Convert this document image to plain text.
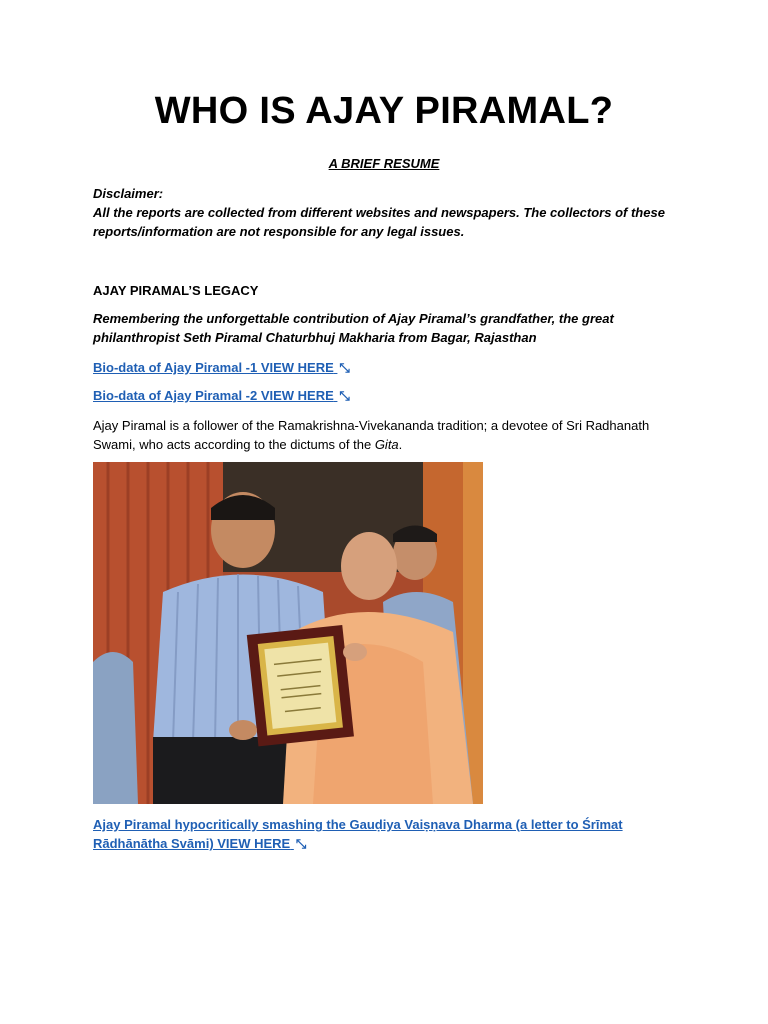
WHO IS AJAY PIRAMAL?
A BRIEF RESUME
Disclaimer:
All the reports are collected from different websites and newspapers. The collectors of these reports/information are not responsible for any legal issues.
AJAY PIRAMAL’S LEGACY
Remembering the unforgettable contribution of Ajay Piramal’s grandfather, the great philanthropist Seth Piramal Chaturbhuj Makharia from Bagar, Rajasthan
Bio-data of Ajay Piramal -1 VIEW HERE ⤡
Bio-data of Ajay Piramal -2 VIEW HERE ⤡
Ajay Piramal is a follower of the Ramakrishna-Vivekananda tradition; a devotee of Sri Radhanath Swami, who acts according to the dictums of the Gita.
Ajay Piramal hypocritically smashing the Gauḍiya Vaiṣṇava Dharma (a letter to Śrīmat Rādhānātha Svāmi) VIEW HERE ⤡
